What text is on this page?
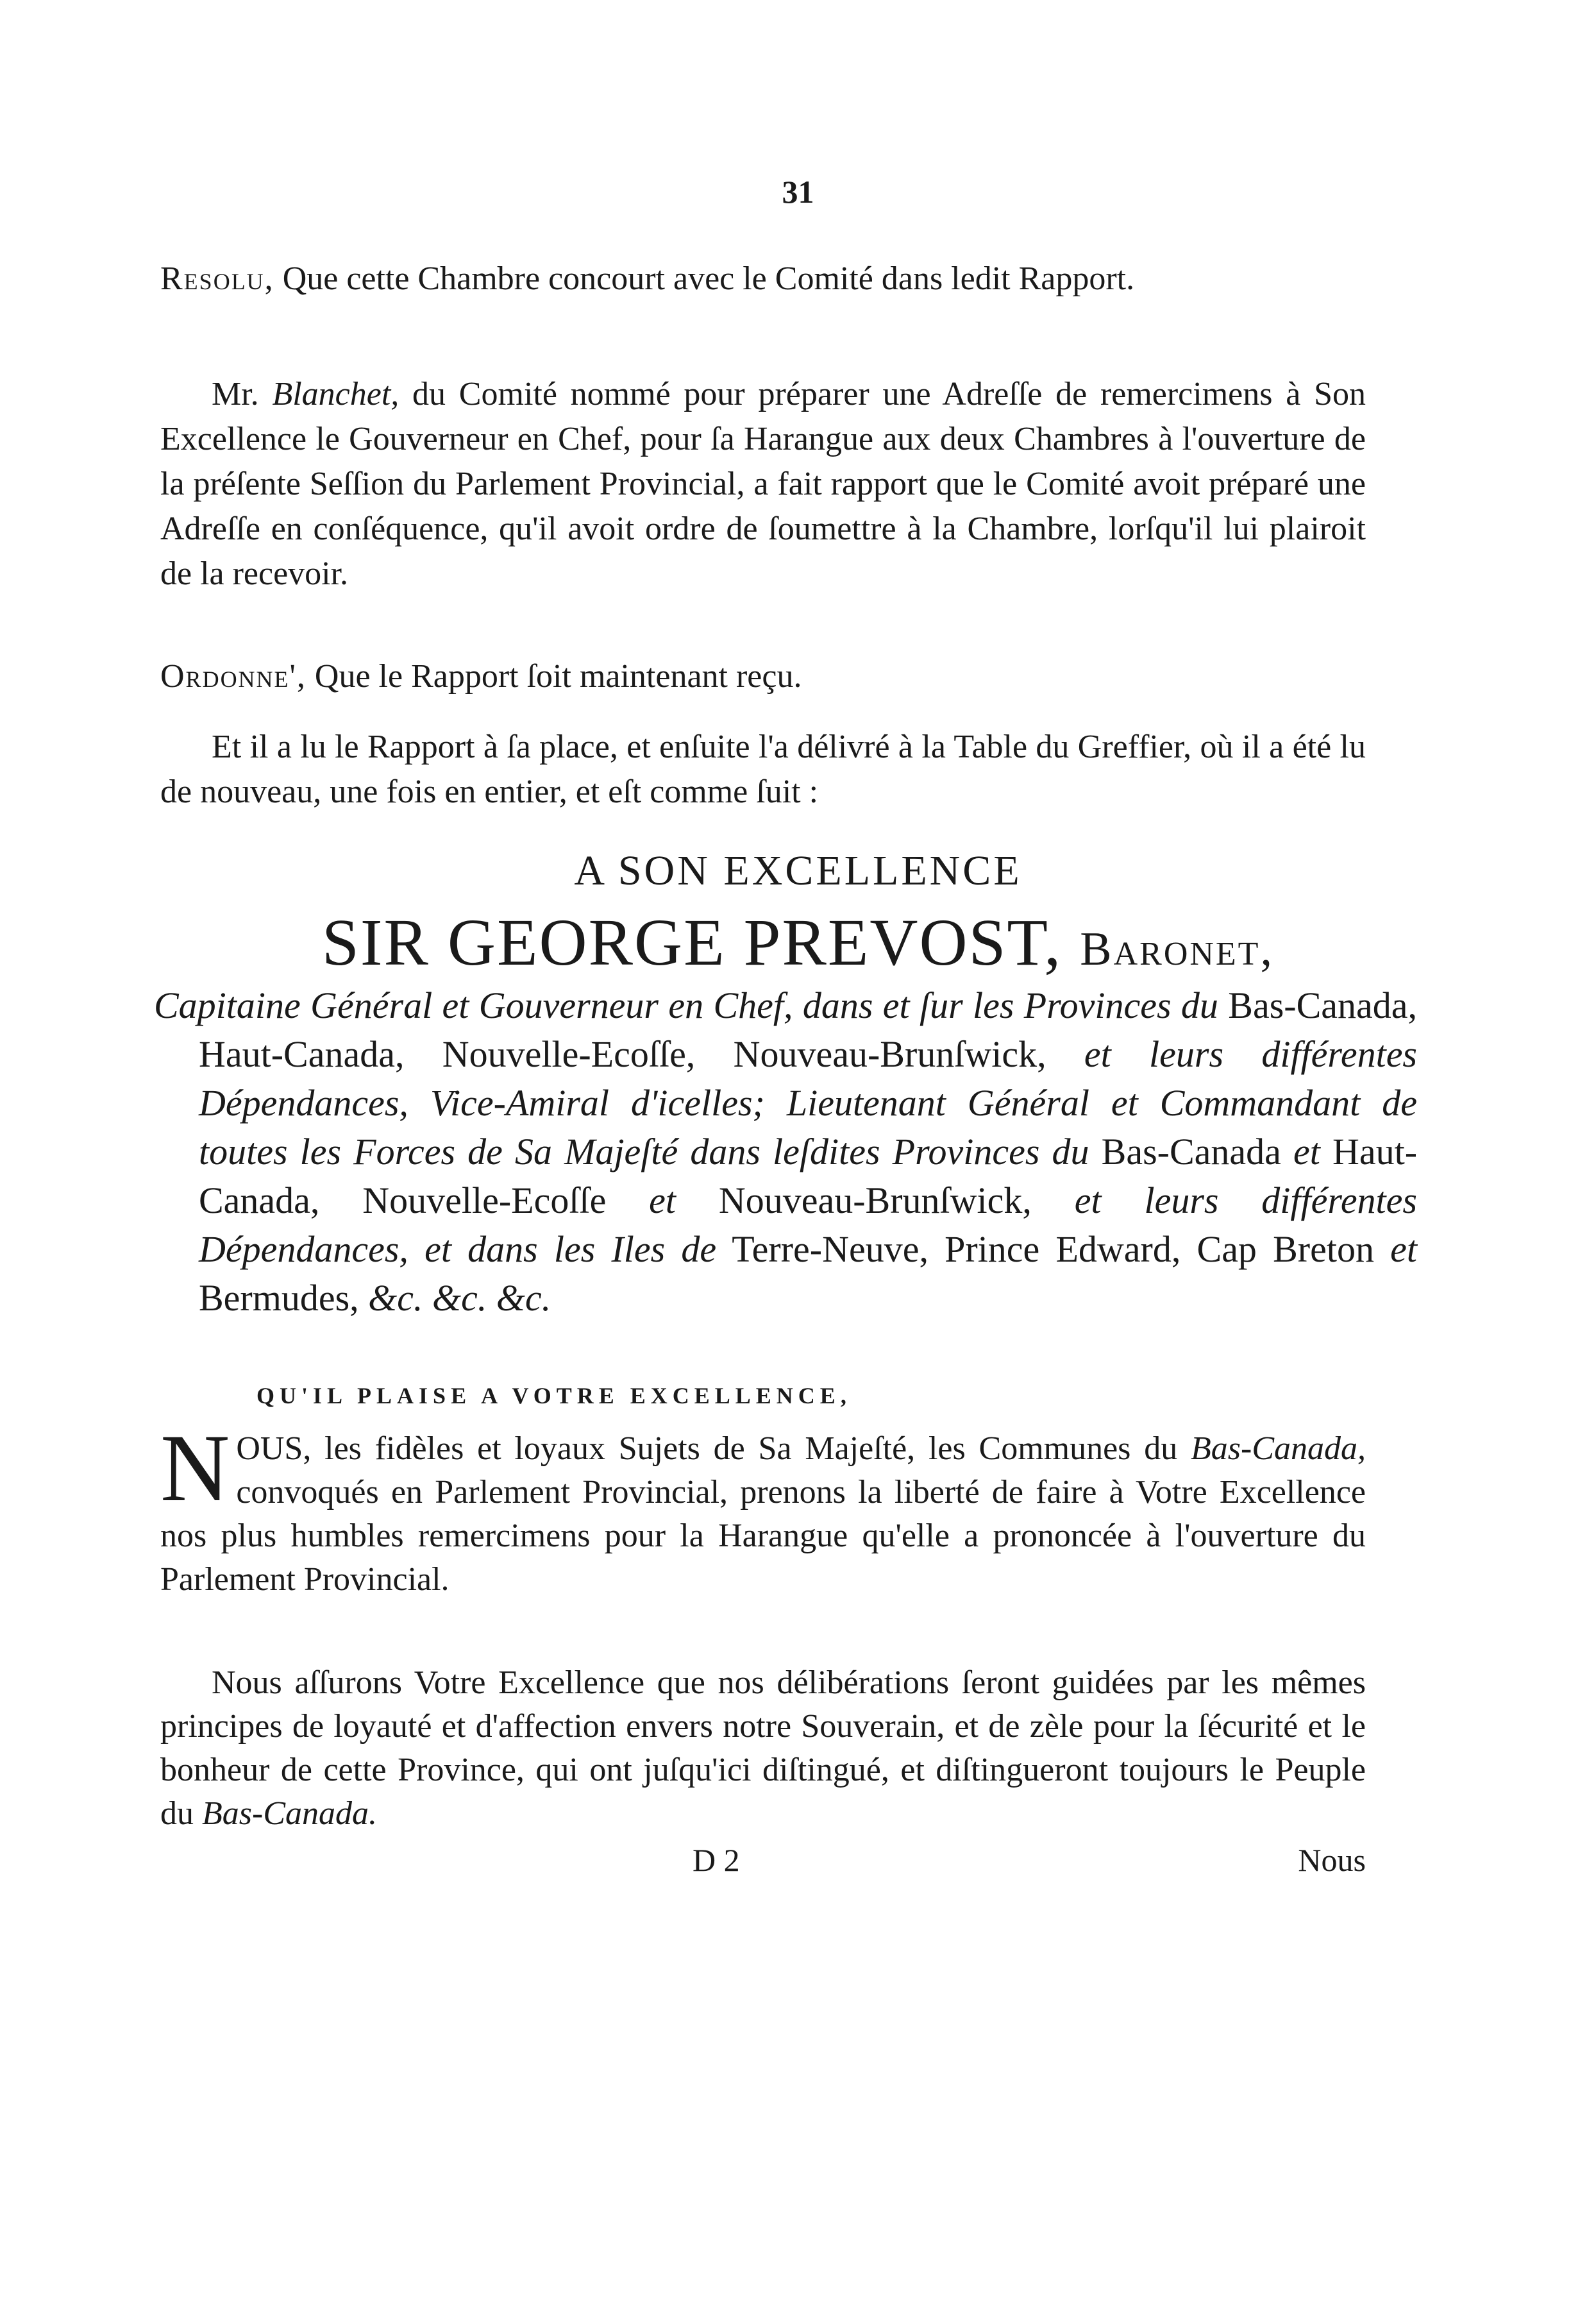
31
Resolu, Que cette Chambre concourt avec le Comité dans ledit Rapport.
Mr. Blanchet, du Comité nommé pour préparer une Adreſſe de remercimens à Son Excellence le Gouverneur en Chef, pour ſa Harangue aux deux Chambres à l'ouverture de la préſente Seſſion du Parlement Provincial, a fait rapport que le Comité avoit préparé une Adreſſe en conſéquence, qu'il avoit ordre de ſoumettre à la Chambre, lorſqu'il lui plairoit de la recevoir.
Ordonne', Que le Rapport ſoit maintenant reçu.
Et il a lu le Rapport à ſa place, et enſuite l'a délivré à la Table du Greffier, où il a été lu de nouveau, une fois en entier, et eſt comme ſuit :
A SON EXCELLENCE
SIR GEORGE PREVOST, Baronet,
Capitaine Général et Gouverneur en Chef, dans et ſur les Provinces du Bas-Canada, Haut-Canada, Nouvelle-Ecoſſe, Nouveau-Brunſwick, et leurs différentes Dépendances, Vice-Amiral d'icelles; Lieutenant Général et Commandant de toutes les Forces de Sa Majeſté dans leſdites Provinces du Bas-Canada et Haut-Canada, Nouvelle-Ecoſſe et Nouveau-Brunſwick, et leurs différentes Dépendances, et dans les Iles de Terre-Neuve, Prince Edward, Cap Breton et Bermudes, &c. &c. &c.
QU'IL PLAISE A VOTRE EXCELLENCE,
N OUS, les fidèles et loyaux Sujets de Sa Majeſté, les Communes du Bas-Canada, convoqués en Parlement Provincial, prenons la liberté de faire à Votre Excellence nos plus humbles remercimens pour la Harangue qu'elle a prononcée à l'ouverture du Parlement Provincial.
Nous aſſurons Votre Excellence que nos délibérations ſeront guidées par les mêmes principes de loyauté et d'affection envers notre Souverain, et de zèle pour la ſécurité et le bonheur de cette Province, qui ont juſqu'ici diſtingué, et diſtingueront toujours le Peuple du Bas-Canada.
D 2	Nous
